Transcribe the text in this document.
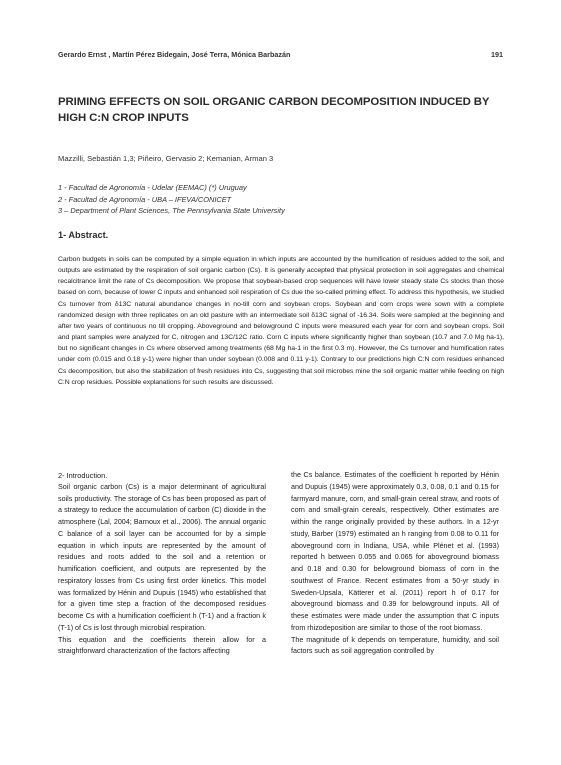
Gerardo Ernst , Martín Pérez Bidegain, José Terra, Mónica Barbazán	191
PRIMING EFFECTS ON SOIL ORGANIC CARBON DECOMPOSITION INDUCED BY HIGH C:N CROP INPUTS
Mazzilli, Sebastián 1,3; Piñeiro, Gervasio 2; Kemanian, Arman 3
1 - Facultad de Agronomía - Udelar (EEMAC) (*) Uruguay
2 - Facultad de Agronomía - UBA – IFEVA/CONICET
3 – Department of Plant Sciences, The Pennsylvania State University
1- Abstract.

Carbon budgets in soils can be computed by a simple equation in which inputs are accounted by the humification of residues added to the soil, and outputs are estimated by the respiration of soil organic carbon (Cs). It is generally accepted that physical protection in soil aggregates and chemical recalcitrance limit the rate of Cs decomposition. We propose that soybean-based crop sequences will have lower steady state Cs stocks than those based on corn, because of lower C inputs and enhanced soil respiration of Cs due the so-called priming effect. To address this hypothesis, we studied Cs turnover from δ13C natural abundance changes in no-till corn and soybean crops. Soybean and corn crops were sown with a complete randomized design with three replicates on an old pasture with an intermediate soil δ13C signal of -16.34. Soils were sampled at the beginning and after two years of continuous no till cropping. Aboveground and belowground C inputs were measured each year for corn and soybean crops. Soil and plant samples were analyzed for C, nitrogen and 13C/12C ratio. Corn C inputs where significantly higher than soybean (10.7 and 7.0 Mg ha-1), but no significant changes in Cs where observed among treatments (68 Mg ha-1 in the first 0.3 m). However, the Cs turnover and humification rates under corn (0.015 and 0.18 y-1) were higher than under soybean (0.008 and 0.11 y-1). Contrary to our predictions high C:N corn residues enhanced Cs decomposition, but also the stabilization of fresh residues into Cs, suggesting that soil microbes mine the soil organic matter while feeding on high C:N crop residues. Possible explanations for such results are discussed.

2- Introduction.

Soil organic carbon (Cs) is a major determinant of agricultural soils productivity. The storage of Cs has been proposed as part of a strategy to reduce the accumulation of carbon (C) dioxide in the atmosphere (Lal, 2004; Barnoux et al., 2006). The annual organic C balance of a soil layer can be accounted for by a simple equation in which inputs are represented by the amount of residues and roots added to the soil and a retention or humification coefficient, and outputs are represented by the respiratory losses from Cs using first order kinetics. This model was formalized by Hénin and Dupuis (1945) who established that for a given time step a fraction of the decomposed residues become Cs with a humification coefficient h (T-1) and a fraction k (T-1) of Cs is lost through microbial respiration.

This equation and the coefficients therein allow for a straightforward characterization of the factors affecting

the Cs balance. Estimates of the coefficient h reported by Hénin and Dupuis (1945) were approximately 0.3, 0.08, 0.1 and 0.15 for farmyard manure, corn, and small-grain cereal straw, and roots of corn and small-grain cereals, respectively. Other estimates are within the range originally provided by these authors. In a 12-yr study, Barber (1979) estimated an h ranging from 0.08 to 0.11 for aboveground corn in Indiana, USA, while Plénet et al. (1993) reported h between 0.055 and 0.065 for aboveground biomass and 0.18 and 0.30 for belowground biomass of corn in the southwest of France. Recent estimates from a 50-yr study in Sweden-Upsala, Kätterer et al. (2011) report h of 0.17 for aboveground biomass and 0.39 for belowground inputs. All of these estimates were made under the assumption that C inputs from rhizodeposition are similar to those of the root biomass.

The magnitude of k depends on temperature, humidity, and soil factors such as soil aggregation controlled by
